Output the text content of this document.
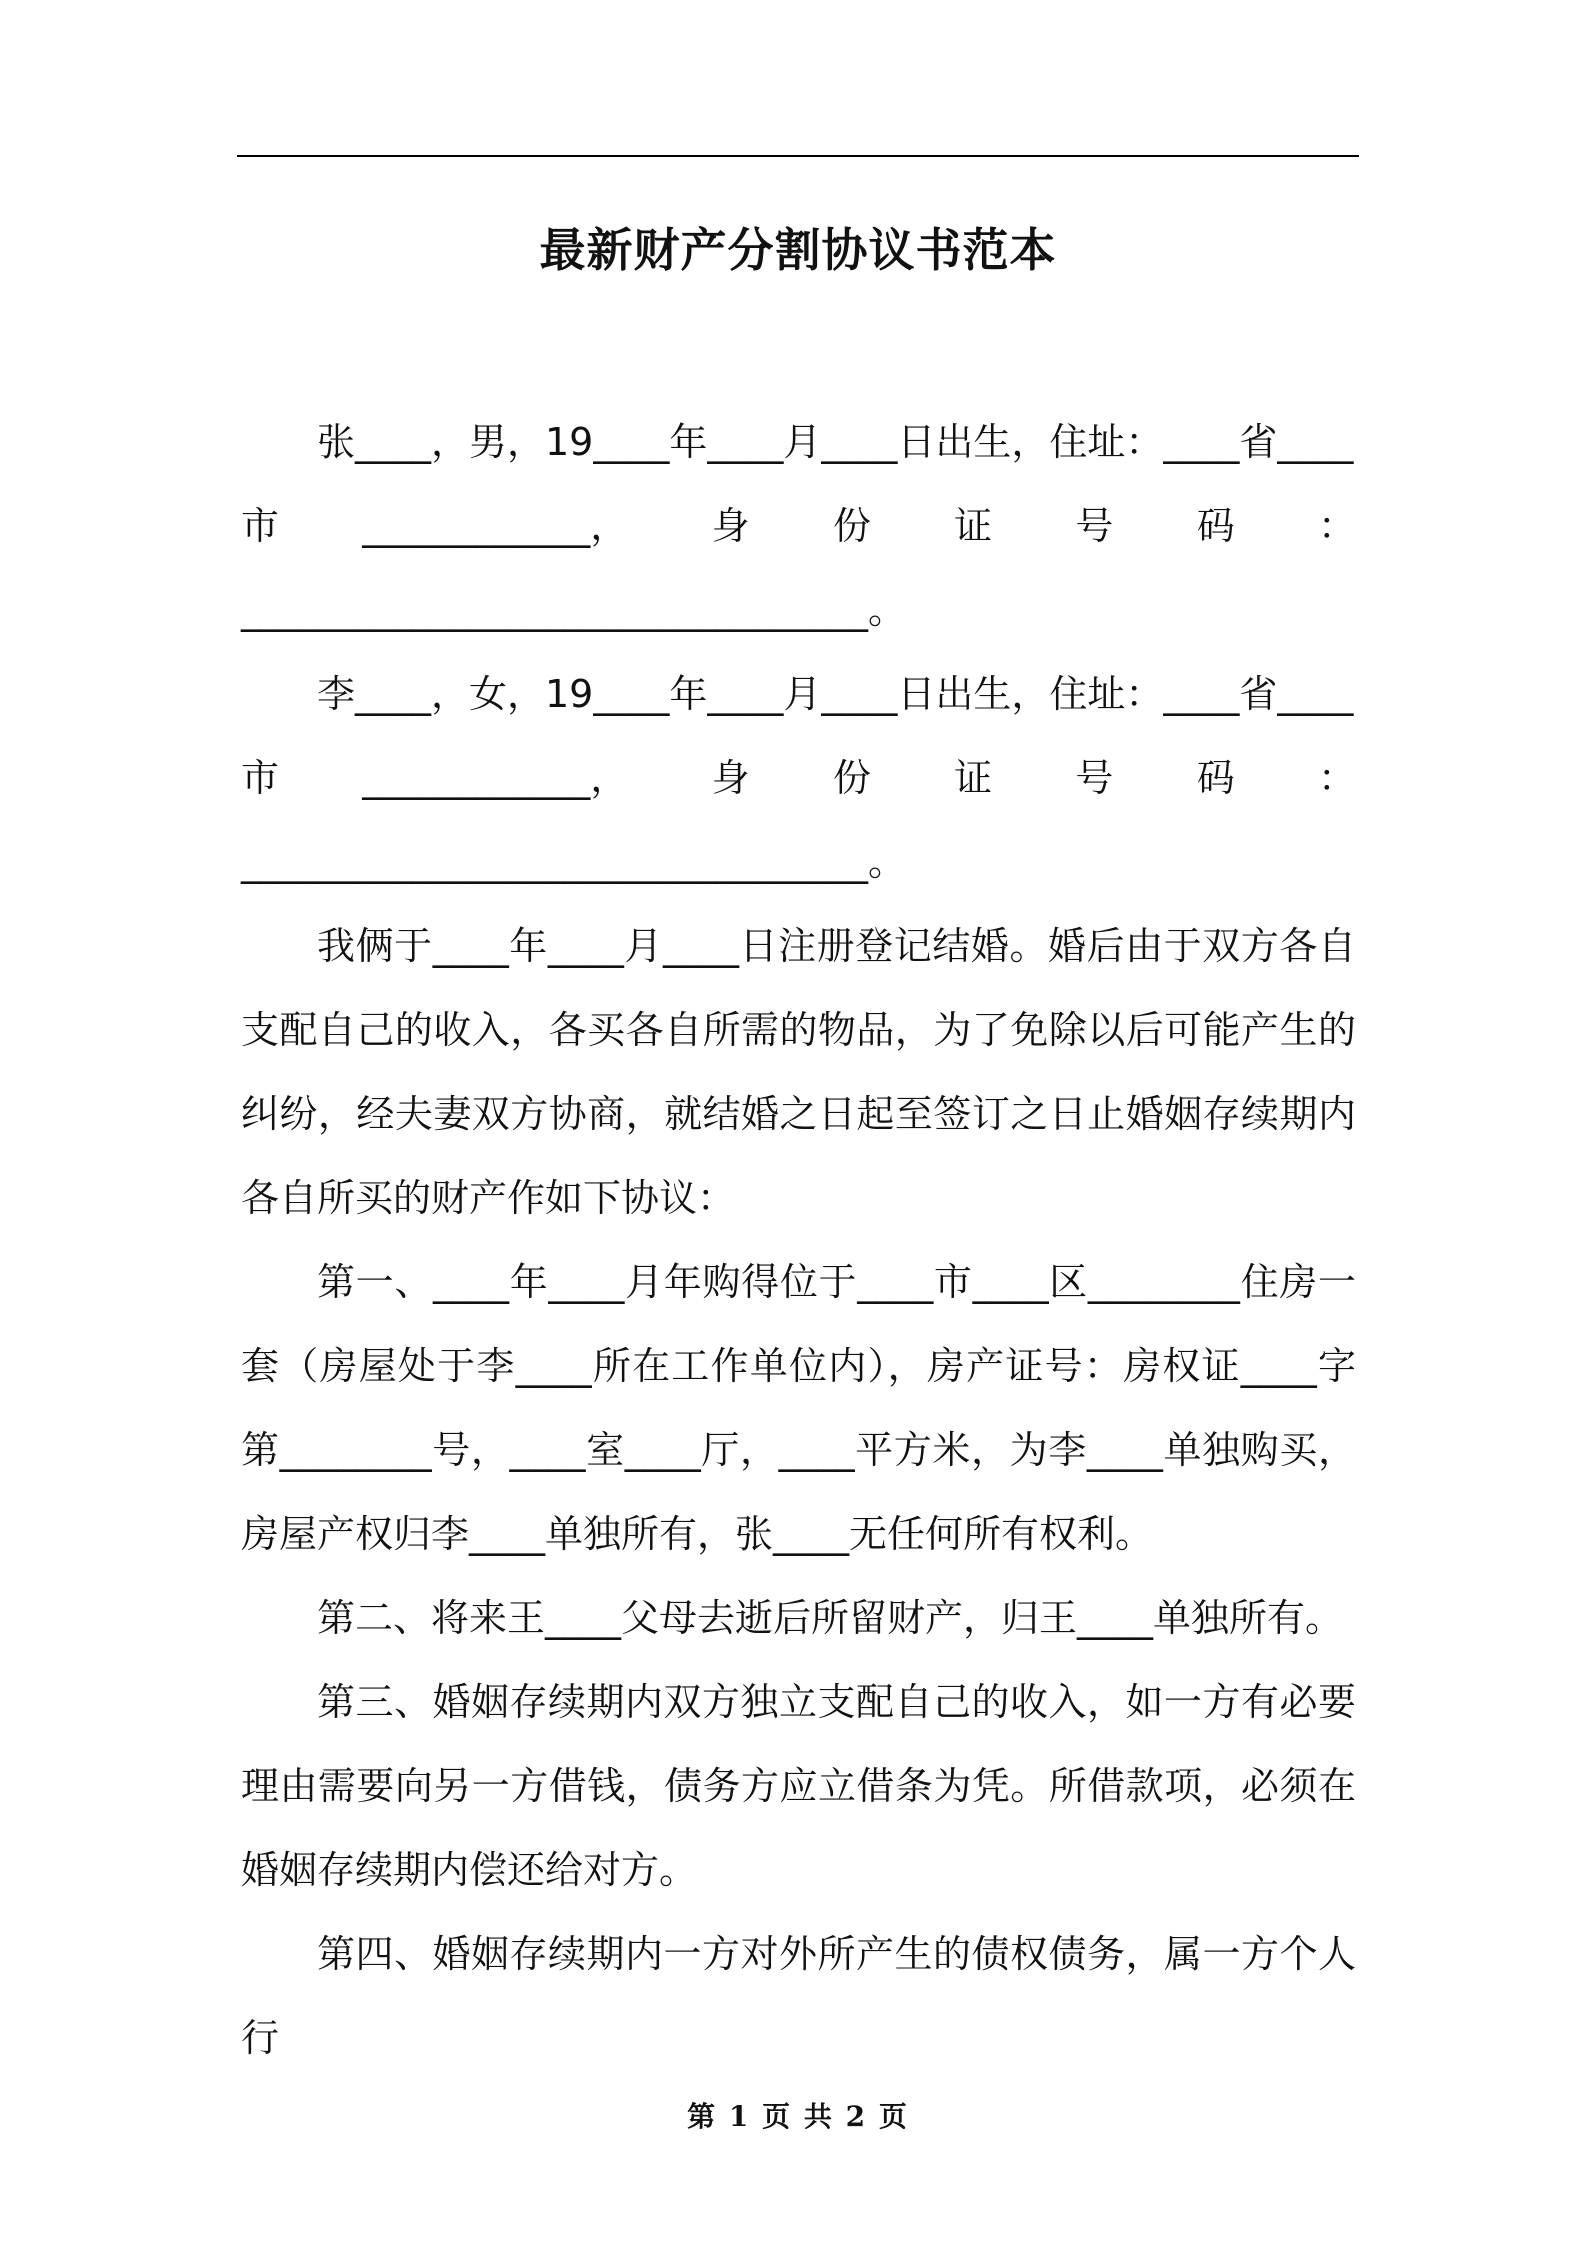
最新财产分割协议书范本

张____，男，19____年____月____日出生，住址：____省____

市 ____________， 身 份 证 号 码 ：
_________________________________。

李____，女，19____年____月____日出生，住址：____省____

市 ____________， 身 份 证 号 码 ：
_________________________________。

我俩于____年____月____日注册登记结婚。婚后由于双方各自支配自己的收入，各买各自所需的物品，为了免除以后可能产生的纠纷，经夫妻双方协商，就结婚之日起至签订之日止婚姻存续期内各自所买的财产作如下协议：

第一、____年____月年购得位于____市____区________住房一套（房屋处于李____所在工作单位内），房产证号：房权证____字第________号，____室____厅，____平方米，为李____单独购买，房屋产权归李____单独所有，张____无任何所有权利。

第二、将来王____父母去逝后所留财产，归王____单独所有。

第三、婚姻存续期内双方独立支配自己的收入，如一方有必要理由需要向另一方借钱，债务方应立借条为凭。所借款项，必须在婚姻存续期内偿还给对方。

第四、婚姻存续期内一方对外所产生的债权债务，属一方个人行

第 1 页 共 2 页
